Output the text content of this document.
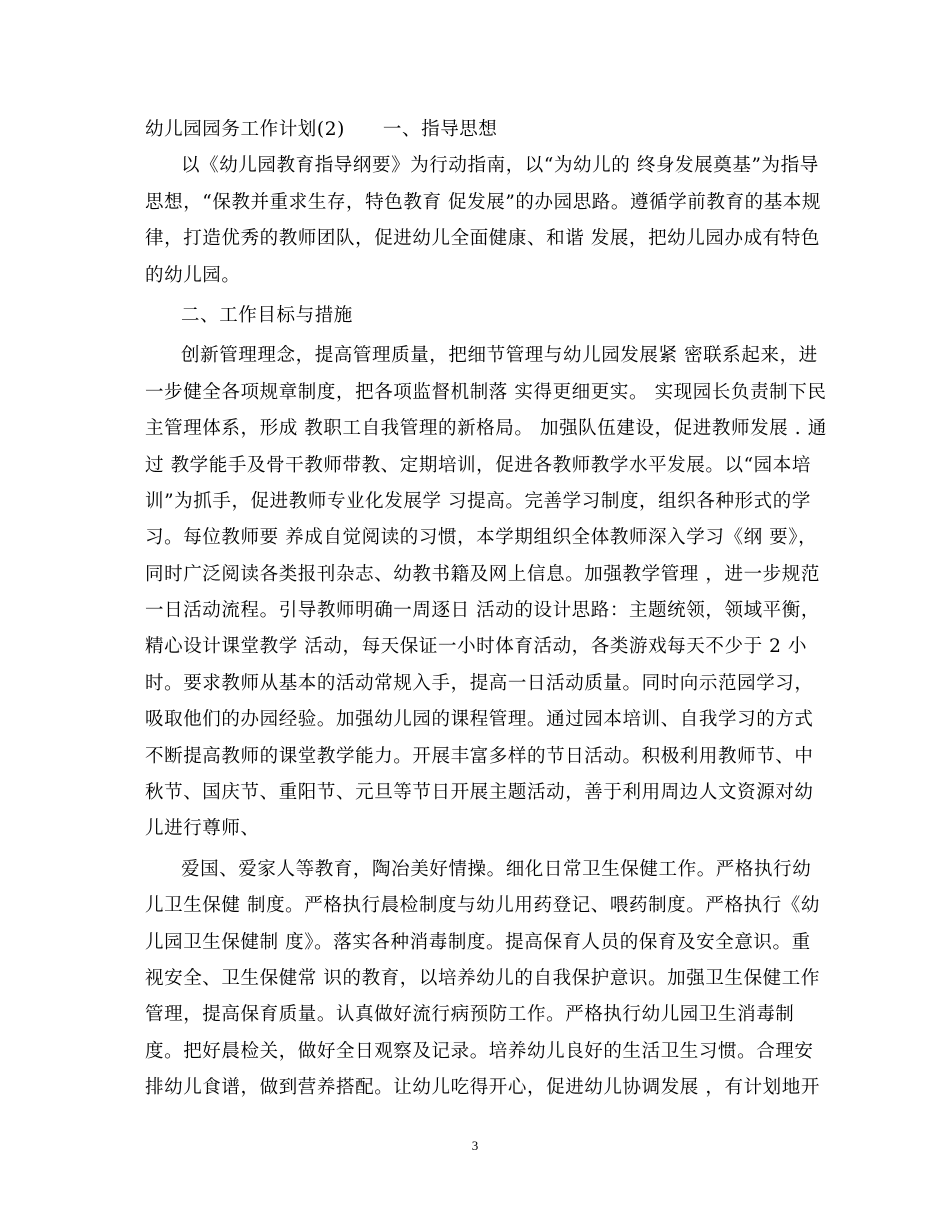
幼儿园园务工作计划(2) 一、指导思想
以《幼儿园教育指导纲要》为行动指南，以“为幼儿的 终身发展奠基”为指导
思想，“保教并重求生存，特色教育 促发展”的办园思路。遵循学前教育的基本规
律，打造优秀的教师团队，促进幼儿全面健康、和谐 发展，把幼儿园办成有特色
的幼儿园。
二、工作目标与措施
创新管理理念，提高管理质量，把细节管理与幼儿园发展紧 密联系起来，进
一步健全各项规章制度，把各项监督机制落 实得更细更实。 实现园长负责制下民
主管理体系，形成 教职工自我管理的新格局。 加强队伍建设，促进教师发展 . 通
过 教学能手及骨干教师带教、定期培训，促进各教师教学水平发展。以“园本培
训”为抓手，促进教师专业化发展学 习提高。完善学习制度，组织各种形式的学
习。每位教师要 养成自觉阅读的习惯，本学期组织全体教师深入学习《纲 要》，
同时广泛阅读各类报刊杂志、幼教书籍及网上信息。加强教学管理 ，进一步规范
一日活动流程。引导教师明确一周逐日 活动的设计思路：主题统领，领域平衡，
精心设计课堂教学 活动，每天保证一小时体育活动，各类游戏每天不少于 2 小
时。要求教师从基本的活动常规入手，提高一日活动质量。同时向示范园学习，
吸取他们的办园经验。加强幼儿园的课程管理。通过园本培训、自我学习的方式
不断提高教师的课堂教学能力。开展丰富多样的节日活动。积极利用教师节、中
秋节、国庆节、重阳节、元旦等节日开展主题活动，善于利用周边人文资源对幼
儿进行尊师、
爱国、爱家人等教育，陶冶美好情操。细化日常卫生保健工作。严格执行幼
儿卫生保健 制度。严格执行晨检制度与幼儿用药登记、喂药制度。严格执行《幼
儿园卫生保健制 度》。落实各种消毒制度。提高保育人员的保育及安全意识。重
视安全、卫生保健常 识的教育，以培养幼儿的自我保护意识。加强卫生保健工作
管理，提高保育质量。认真做好流行病预防工作。严格执行幼儿园卫生消毒制
度。把好晨检关，做好全日观察及记录。培养幼儿良好的生活卫生习惯。合理安
排幼儿食谱，做到营养搭配。让幼儿吃得开心，促进幼儿协调发展 ，有计划地开
3
